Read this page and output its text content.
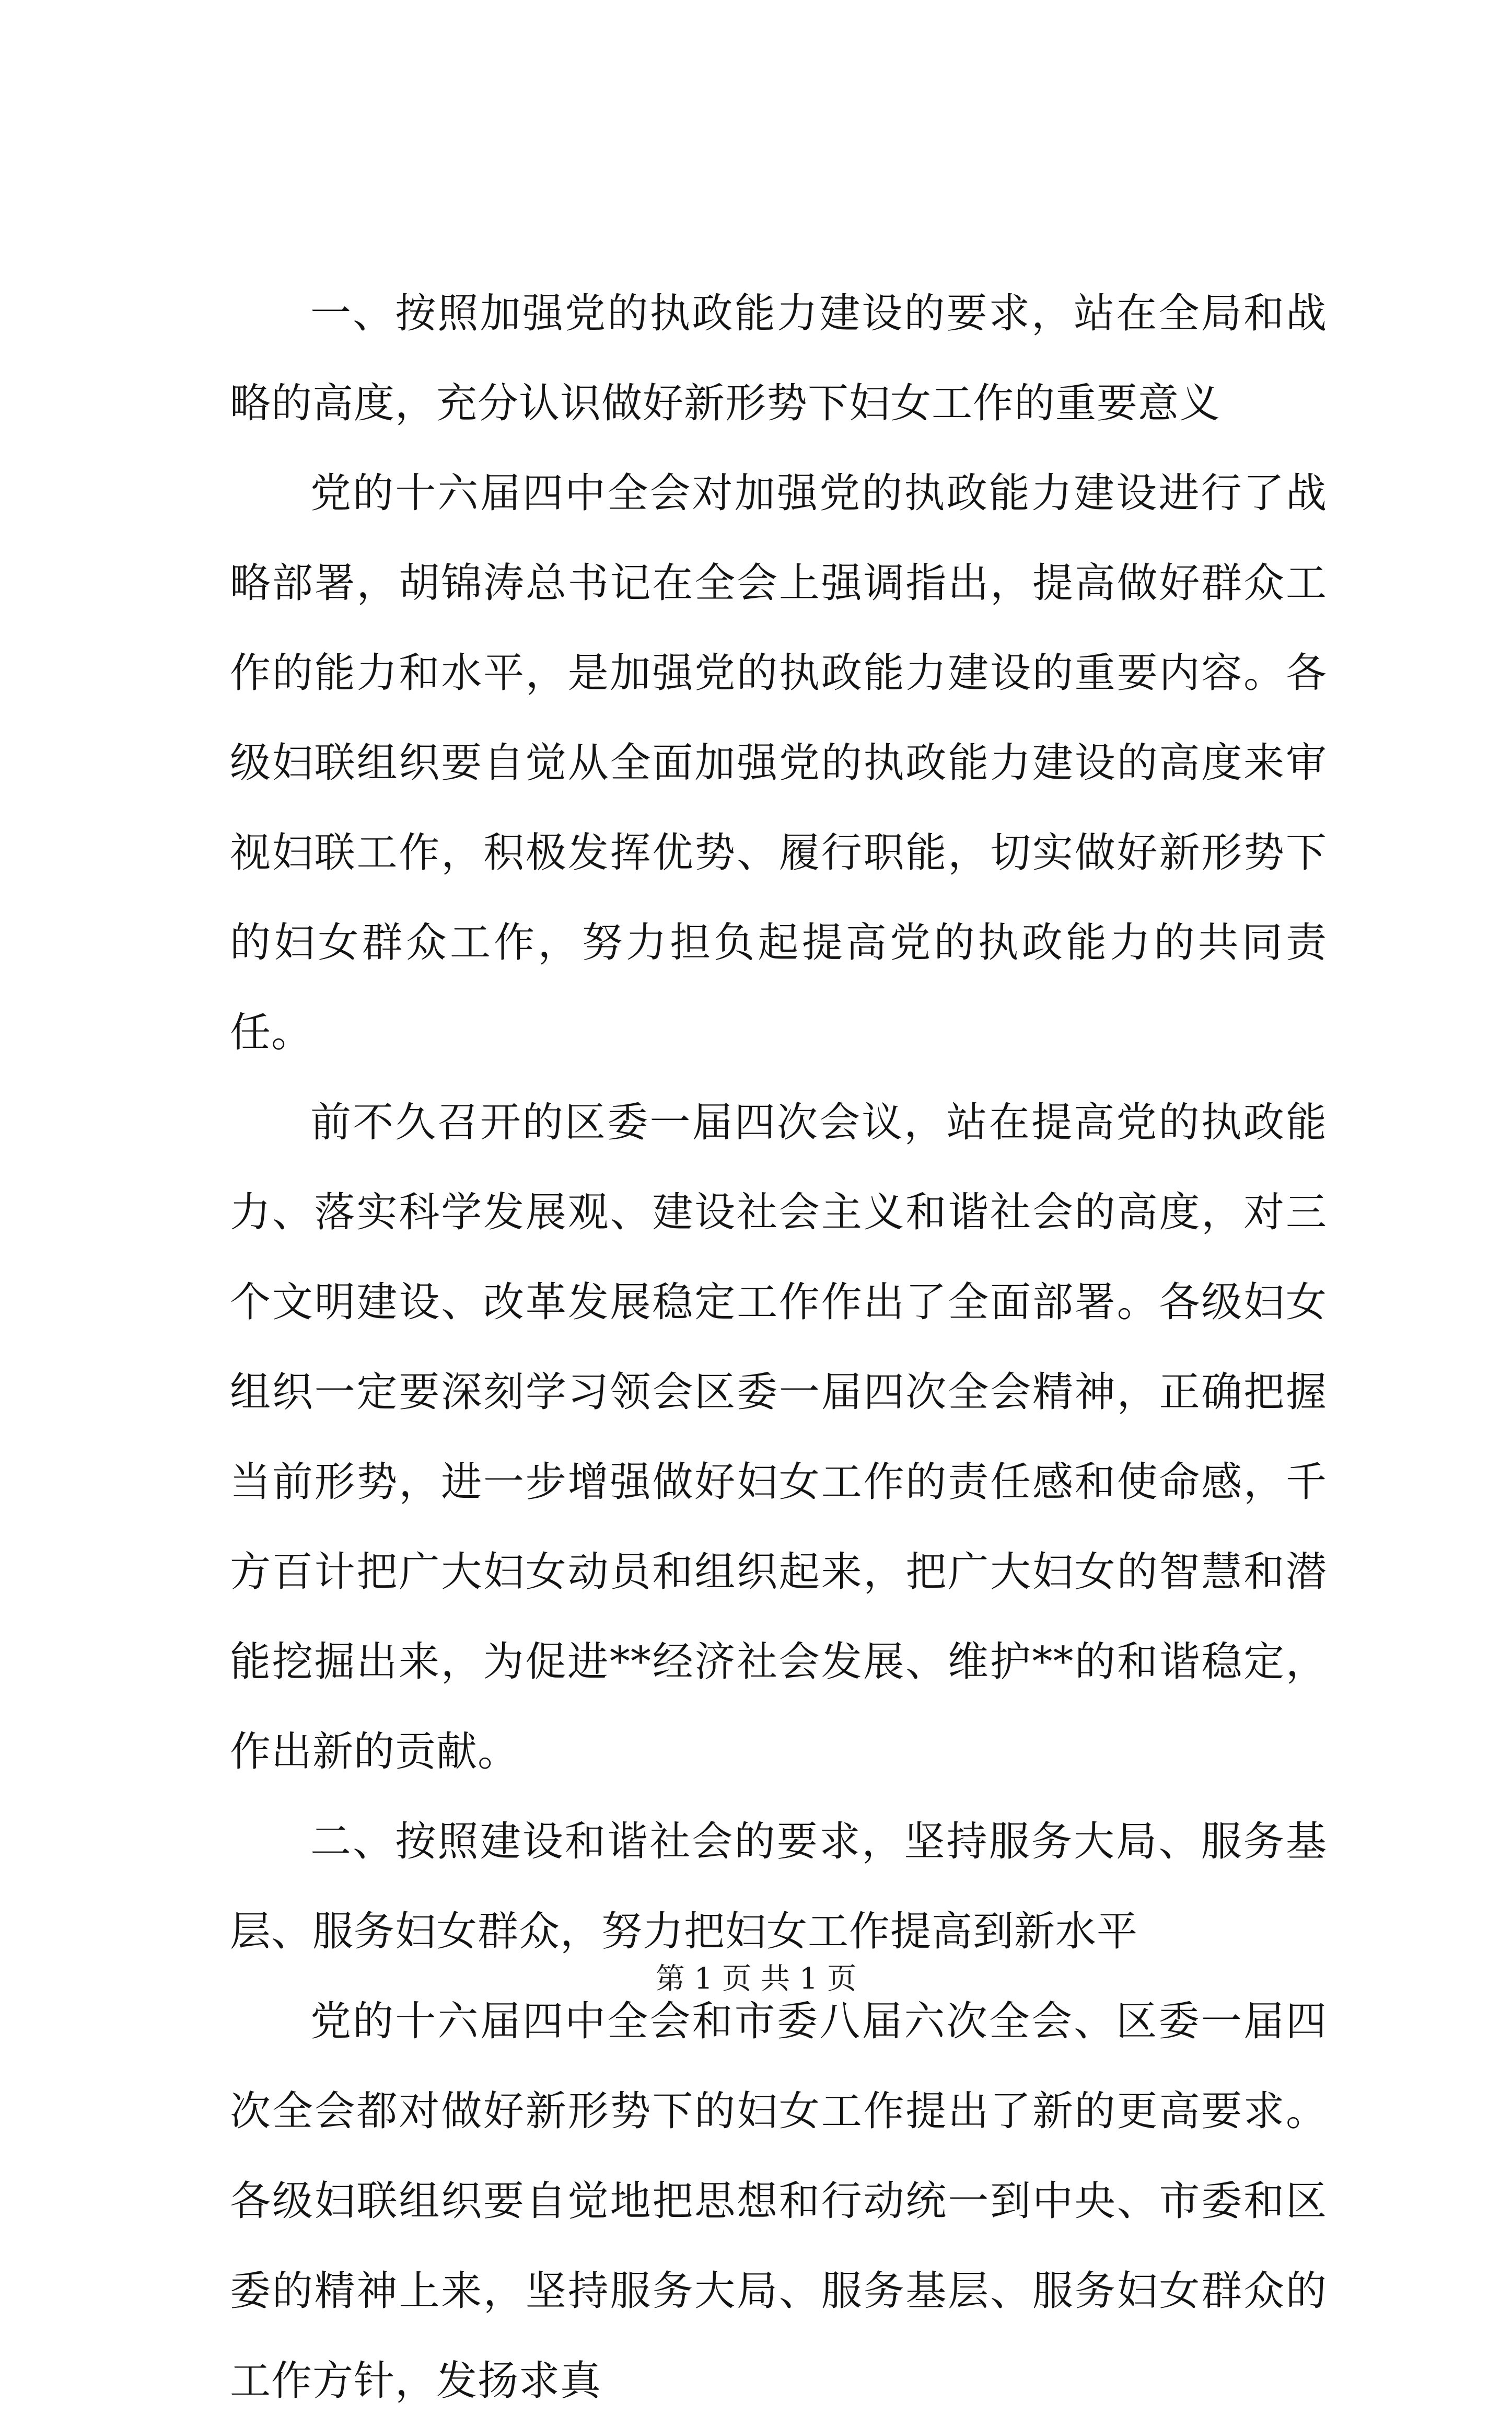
一、按照加强党的执政能力建设的要求，站在全局和战略的高度，充分认识做好新形势下妇女工作的重要意义

党的十六届四中全会对加强党的执政能力建设进行了战略部署，胡锦涛总书记在全会上强调指出，提高做好群众工作的能力和水平，是加强党的执政能力建设的重要内容。各级妇联组织要自觉从全面加强党的执政能力建设的高度来审视妇联工作，积极发挥优势、履行职能，切实做好新形势下的妇女群众工作，努力担负起提高党的执政能力的共同责任。

前不久召开的区委一届四次会议，站在提高党的执政能力、落实科学发展观、建设社会主义和谐社会的高度，对三个文明建设、改革发展稳定工作作出了全面部署。各级妇女组织一定要深刻学习领会区委一届四次全会精神，正确把握当前形势，进一步增强做好妇女工作的责任感和使命感，千方百计把广大妇女动员和组织起来，把广大妇女的智慧和潜能挖掘出来，为促进**经济社会发展、维护**的和谐稳定，作出新的贡献。

二、按照建设和谐社会的要求，坚持服务大局、服务基层、服务妇女群众，努力把妇女工作提高到新水平

党的十六届四中全会和市委八届六次全会、区委一届四次全会都对做好新形势下的妇女工作提出了新的更高要求。各级妇联组织要自觉地把思想和行动统一到中央、市委和区委的精神上来，坚持服务大局、服务基层、服务妇女群众的工作方针，发扬求真

第 1 页 共 1 页
